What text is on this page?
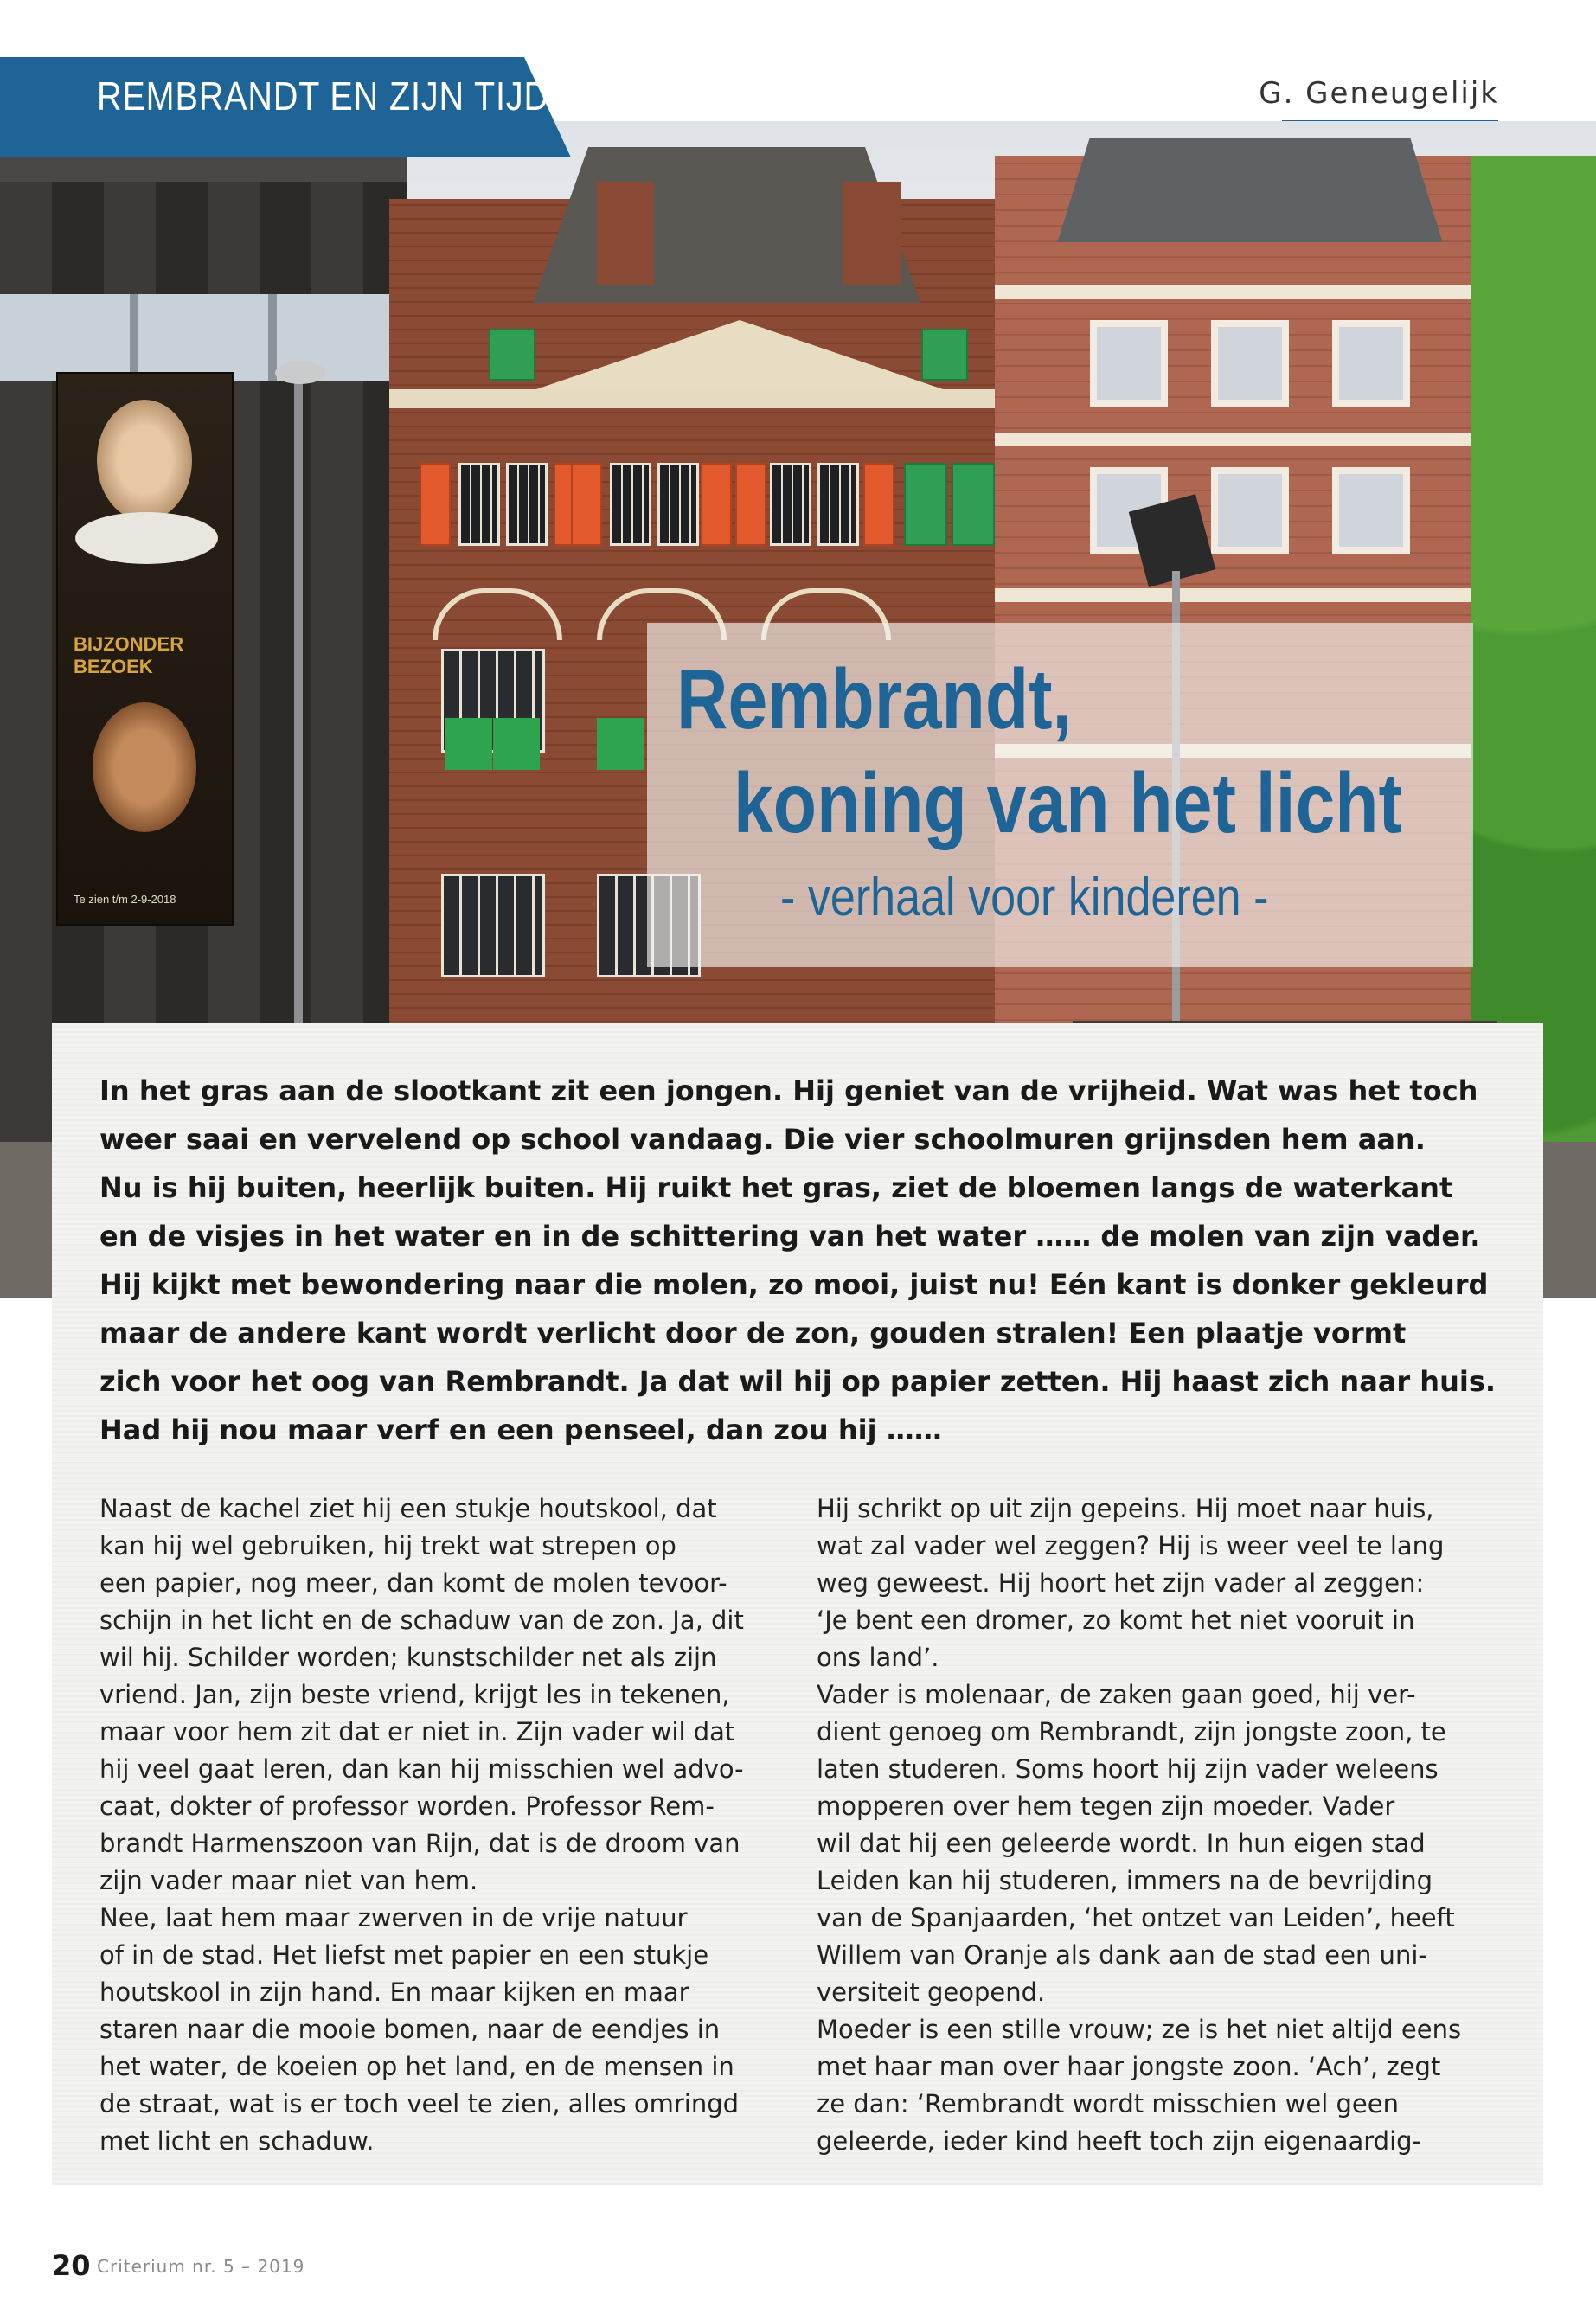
REMBRANDT EN ZIJN TIJD	G. Geneugelijk
BIJZONDER
BEZOEK
Te zien t/m 2-9-2018
Rembrandt,
koning van het licht
- verhaal voor kinderen -
In het gras aan de slootkant zit een jongen. Hij geniet van de vrijheid. Wat was het toch
weer saai en vervelend op school vandaag. Die vier schoolmuren grijnsden hem aan.
Nu is hij buiten, heerlijk buiten. Hij ruikt het gras, ziet de bloemen langs de waterkant
en de visjes in het water en in de schittering van het water …… de molen van zijn vader.
Hij kijkt met bewondering naar die molen, zo mooi, juist nu! Eén kant is donker gekleurd
maar de andere kant wordt verlicht door de zon, gouden stralen! Een plaatje vormt
zich voor het oog van Rembrandt. Ja dat wil hij op papier zetten. Hij haast zich naar huis.
Had hij nou maar verf en een penseel, dan zou hij ……
Naast de kachel ziet hij een stukje houtskool, dat
kan hij wel gebruiken, hij trekt wat strepen op
een papier, nog meer, dan komt de molen tevoor-
schijn in het licht en de schaduw van de zon. Ja, dit
wil hij. Schilder worden; kunstschilder net als zijn
vriend. Jan, zijn beste vriend, krijgt les in tekenen,
maar voor hem zit dat er niet in. Zijn vader wil dat
hij veel gaat leren, dan kan hij misschien wel advo-
caat, dokter of professor worden. Professor Rem-
brandt Harmenszoon van Rijn, dat is de droom van
zijn vader maar niet van hem.
Nee, laat hem maar zwerven in de vrije natuur
of in de stad. Het liefst met papier en een stukje
houtskool in zijn hand. En maar kijken en maar
staren naar die mooie bomen, naar de eendjes in
het water, de koeien op het land, en de mensen in
de straat, wat is er toch veel te zien, alles omringd
met licht en schaduw.
Hij schrikt op uit zijn gepeins. Hij moet naar huis,
wat zal vader wel zeggen? Hij is weer veel te lang
weg geweest. Hij hoort het zijn vader al zeggen:
‘Je bent een dromer, zo komt het niet vooruit in
ons land’.
Vader is molenaar, de zaken gaan goed, hij ver-
dient genoeg om Rembrandt, zijn jongste zoon, te
laten studeren. Soms hoort hij zijn vader weleens
mopperen over hem tegen zijn moeder. Vader
wil dat hij een geleerde wordt. In hun eigen stad
Leiden kan hij studeren, immers na de bevrijding
van de Spanjaarden, ‘het ontzet van Leiden’, heeft
Willem van Oranje als dank aan de stad een uni-
versiteit geopend.
Moeder is een stille vrouw; ze is het niet altijd eens
met haar man over haar jongste zoon. ‘Ach’, zegt
ze dan: ‘Rembrandt wordt misschien wel geen
geleerde, ieder kind heeft toch zijn eigenaardig-
20 Criterium nr. 5 – 2019
